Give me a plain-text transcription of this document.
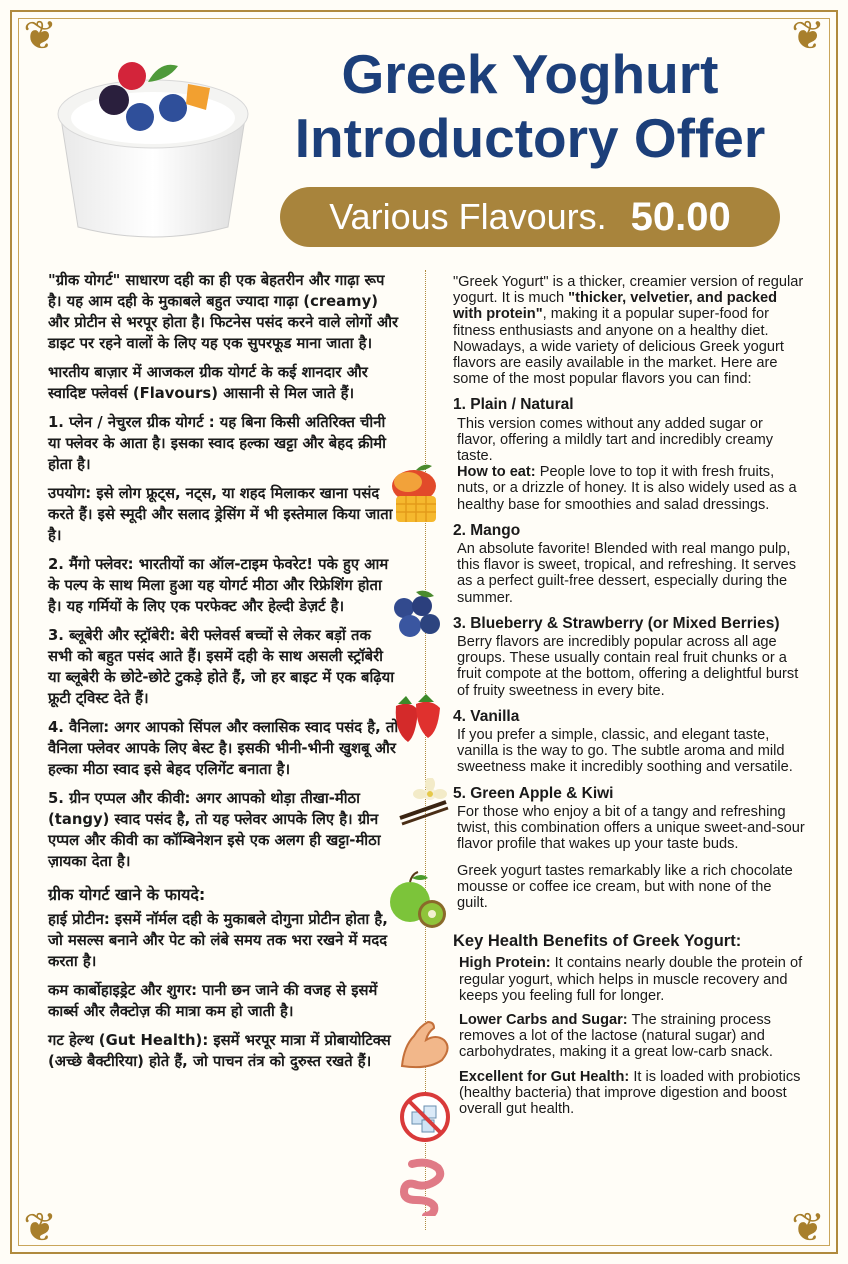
❦	❦
❦	❦
Greek Yoghurt
Introductory Offer
Various Flavours. 50.00

"ग्रीक योगर्ट" साधारण दही का ही एक बेहतरीन और गाढ़ा रूप है। यह आम दही के मुकाबले बहुत ज्यादा गाढ़ा (creamy) और प्रोटीन से भरपूर होता है। फिटनेस पसंद करने वाले लोगों और डाइट पर रहने वालों के लिए यह एक सुपरफूड माना जाता है।

भारतीय बाज़ार में आजकल ग्रीक योगर्ट के कई शानदार और स्वादिष्ट फ्लेवर्स (Flavours) आसानी से मिल जाते हैं।

1. प्लेन / नेचुरल ग्रीक योगर्ट : यह बिना किसी अतिरिक्त चीनी या फ्लेवर के आता है। इसका स्वाद हल्का खट्टा और बेहद क्रीमी होता है।

उपयोग: इसे लोग फ्रूट्स, नट्स, या शहद मिलाकर खाना पसंद करते हैं। इसे स्मूदी और सलाद ड्रेसिंग में भी इस्तेमाल किया जाता है।

2. मैंगो फ्लेवर: भारतीयों का ऑल-टाइम फेवरेट! पके हुए आम के पल्प के साथ मिला हुआ यह योगर्ट मीठा और रिफ्रेशिंग होता है। यह गर्मियों के लिए एक परफेक्ट और हेल्दी डेज़र्ट है।

3. ब्लूबेरी और स्ट्रॉबेरी: बेरी फ्लेवर्स बच्चों से लेकर बड़ों तक सभी को बहुत पसंद आते हैं। इसमें दही के साथ असली स्ट्रॉबेरी या ब्लूबेरी के छोटे-छोटे टुकड़े होते हैं, जो हर बाइट में एक बढ़िया फ्रूटी ट्विस्ट देते हैं।

4. वैनिला: अगर आपको सिंपल और क्लासिक स्वाद पसंद है, तो वैनिला फ्लेवर आपके लिए बेस्ट है। इसकी भीनी-भीनी खुशबू और हल्का मीठा स्वाद इसे बेहद एलिगेंट बनाता है।

5. ग्रीन एप्पल और कीवी: अगर आपको थोड़ा तीखा-मीठा (tangy) स्वाद पसंद है, तो यह फ्लेवर आपके लिए है। ग्रीन एप्पल और कीवी का कॉम्बिनेशन इसे एक अलग ही खट्टा-मीठा ज़ायका देता है।

ग्रीक योगर्ट खाने के फायदे:

हाई प्रोटीन: इसमें नॉर्मल दही के मुकाबले दोगुना प्रोटीन होता है, जो मसल्स बनाने और पेट को लंबे समय तक भरा रखने में मदद करता है।

कम कार्बोहाइड्रेट और शुगर: पानी छन जाने की वजह से इसमें कार्ब्स और लैक्टोज़ की मात्रा कम हो जाती है।

गट हेल्थ (Gut Health): इसमें भरपूर मात्रा में प्रोबायोटिक्स (अच्छे बैक्टीरिया) होते हैं, जो पाचन तंत्र को दुरुस्त रखते हैं।

"Greek Yogurt" is a thicker, creamier version of regular yogurt. It is much "thicker, velvetier, and packed with protein", making it a popular super-food for fitness enthusiasts and anyone on a healthy diet. Nowadays, a wide variety of delicious Greek yogurt flavors are easily available in the market. Here are some of the most popular flavors you can find:

1. Plain / Natural

This version comes without any added sugar or flavor, offering a mildly tart and incredibly creamy taste.
How to eat: People love to top it with fresh fruits, nuts, or a drizzle of honey. It is also widely used as a healthy base for smoothies and salad dressings.

2. Mango

An absolute favorite! Blended with real mango pulp, this flavor is sweet, tropical, and refreshing. It serves as a perfect guilt-free dessert, especially during the summer.

3. Blueberry & Strawberry (or Mixed Berries)

Berry flavors are incredibly popular across all age groups. These usually contain real fruit chunks or a fruit compote at the bottom, offering a delightful burst of fruity sweetness in every bite.

4. Vanilla

If you prefer a simple, classic, and elegant taste, vanilla is the way to go. The subtle aroma and mild sweetness make it incredibly soothing and versatile.

5. Green Apple & Kiwi

For those who enjoy a bit of a tangy and refreshing twist, this combination offers a unique sweet-and-sour flavor profile that wakes up your taste buds.

Greek yogurt tastes remarkably like a rich chocolate mousse or coffee ice cream, but with none of the guilt.

Key Health Benefits of Greek Yogurt:

High Protein: It contains nearly double the protein of regular yogurt, which helps in muscle recovery and keeps you feeling full for longer.

Lower Carbs and Sugar: The straining process removes a lot of the lactose (natural sugar) and carbohydrates, making it a great low-carb snack.

Excellent for Gut Health: It is loaded with probiotics (healthy bacteria) that improve digestion and boost overall gut health.
